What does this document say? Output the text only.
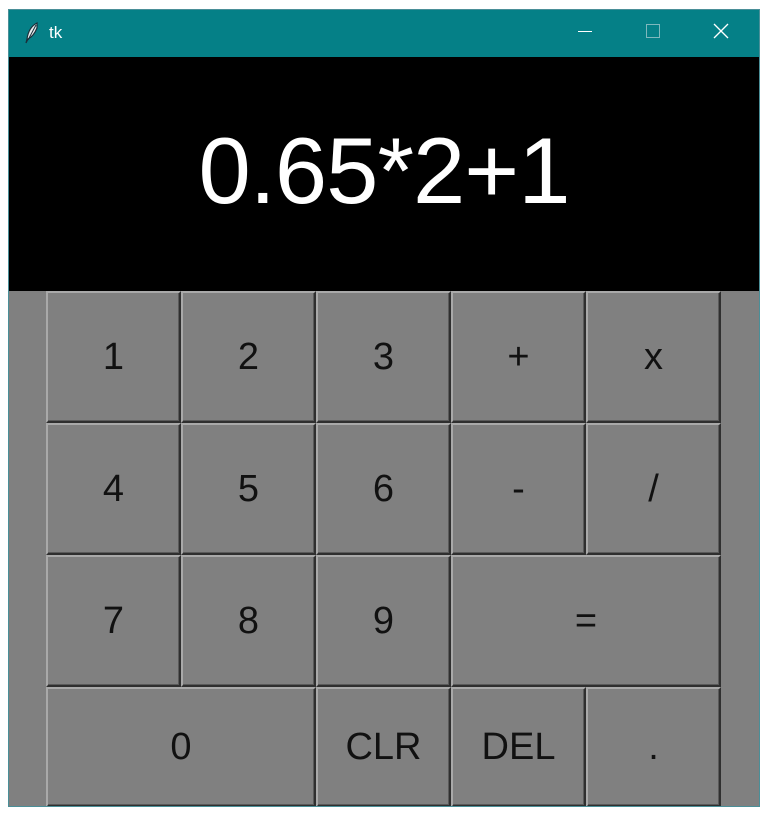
tk
0.65*2+1
1	2	3	+	x
4	5	6	-	/
7	8	9	=
0	CLR	DEL	.
